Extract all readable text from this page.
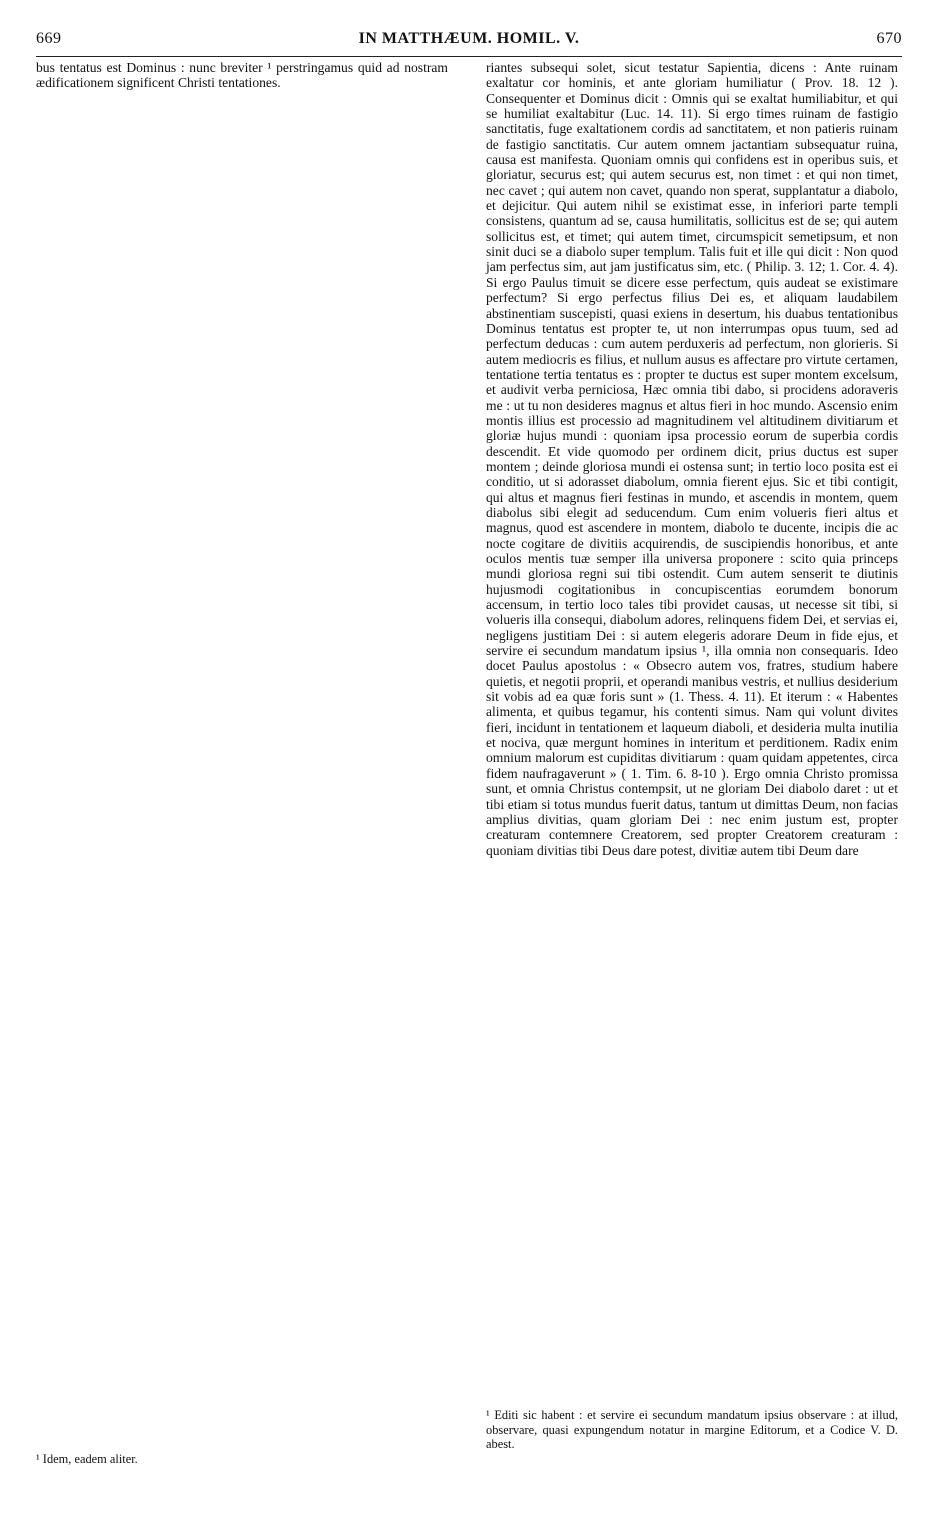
669	IN MATTHÆUM. HOMIL. V.	670

bus tentatus est Dominus : nunc breviter ¹ perstringamus quid ad nostram ædificationem significent Christi tentationes.

¹ Idem, eadem aliter.

riantes subsequi solet, sicut testatur Sapientia, dicens : Ante ruinam exaltatur cor hominis, et ante gloriam humiliatur ( Prov. 18. 12 ). Consequenter et Dominus dicit : Omnis qui se exaltat humiliabitur, et qui se humiliat exaltabitur (Luc. 14. 11). Si ergo times ruinam de fastigio sanctitatis, fuge exaltationem cordis ad sanctitatem, et non patieris ruinam de fastigio sanctitatis. Cur autem omnem jactantiam subsequatur ruina, causa est manifesta. Quoniam omnis qui confidens est in operibus suis, et gloriatur, securus est; qui autem securus est, non timet : et qui non timet, nec cavet ; qui autem non cavet, quando non sperat, supplantatur a diabolo, et dejicitur. Qui autem nihil se existimat esse, in inferiori parte templi consistens, quantum ad se, causa humilitatis, sollicitus est de se; qui autem sollicitus est, et timet; qui autem timet, circumspicit semetipsum, et non sinit duci se a diabolo super templum. Talis fuit et ille qui dicit : Non quod jam perfectus sim, aut jam justificatus sim, etc. ( Philip. 3. 12; 1. Cor. 4. 4). Si ergo Paulus timuit se dicere esse perfectum, quis audeat se existimare perfectum? Si ergo perfectus filius Dei es, et aliquam laudabilem abstinentiam suscepisti, quasi exiens in desertum, his duabus tentationibus Dominus tentatus est propter te, ut non interrumpas opus tuum, sed ad perfectum deducas : cum autem perduxeris ad perfectum, non glorieris. Si autem mediocris es filius, et nullum ausus es affectare pro virtute certamen, tentatione tertia tentatus es : propter te ductus est super montem excelsum, et audivit verba perniciosa, Hæc omnia tibi dabo, si procidens adoraveris me : ut tu non desideres magnus et altus fieri in hoc mundo. Ascensio enim montis illius est processio ad magnitudinem vel altitudinem divitiarum et gloriæ hujus mundi : quoniam ipsa processio eorum de superbia cordis descendit. Et vide quomodo per ordinem dicit, prius ductus est super montem ; deinde gloriosa mundi ei ostensa sunt; in tertio loco posita est ei conditio, ut si adorasset diabolum, omnia fierent ejus. Sic et tibi contigit, qui altus et magnus fieri festinas in mundo, et ascendis in montem, quem diabolus sibi elegit ad seducendum. Cum enim volueris fieri altus et magnus, quod est ascendere in montem, diabolo te ducente, incipis die ac nocte cogitare de divitiis acquirendis, de suscipiendis honoribus, et ante oculos mentis tuæ semper illa universa proponere : scito quia princeps mundi gloriosa regni sui tibi ostendit. Cum autem senserit te diutinis hujusmodi cogitationibus in concupiscentias eorumdem bonorum accensum, in tertio loco tales tibi providet causas, ut necesse sit tibi, si volueris illa consequi, diabolum adores, relinquens fidem Dei, et servias ei, negligens justitiam Dei : si autem elegeris adorare Deum in fide ejus, et servire ei secundum mandatum ipsius ¹, illa omnia non consequaris. Ideo docet Paulus apostolus : « Obsecro autem vos, fratres, studium habere quietis, et negotii proprii, et operandi manibus vestris, et nullius desiderium sit vobis ad ea quæ foris sunt » (1. Thess. 4. 11). Et iterum : « Habentes alimenta, et quibus tegamur, his contenti simus. Nam qui volunt divites fieri, incidunt in tentationem et laqueum diaboli, et desideria multa inutilia et nociva, quæ mergunt homines in interitum et perditionem. Radix enim omnium malorum est cupiditas divitiarum : quam quidam appetentes, circa fidem naufragaverunt » ( 1. Tim. 6. 8-10 ). Ergo omnia Christo promissa sunt, et omnia Christus contempsit, ut ne gloriam Dei diabolo daret : ut et tibi etiam si totus mundus fuerit datus, tantum ut dimittas Deum, non facias amplius divitias, quam gloriam Dei : nec enim justum est, propter creaturam contemnere Creatorem, sed propter Creatorem creaturam : quoniam divitias tibi Deus dare potest, divitiæ autem tibi Deum dare

¹ Editi sic habent : et servire ei secundum mandatum ipsius observare : at illud, observare, quasi expungendum notatur in margine Editorum, et a Codice V. D. abest.
